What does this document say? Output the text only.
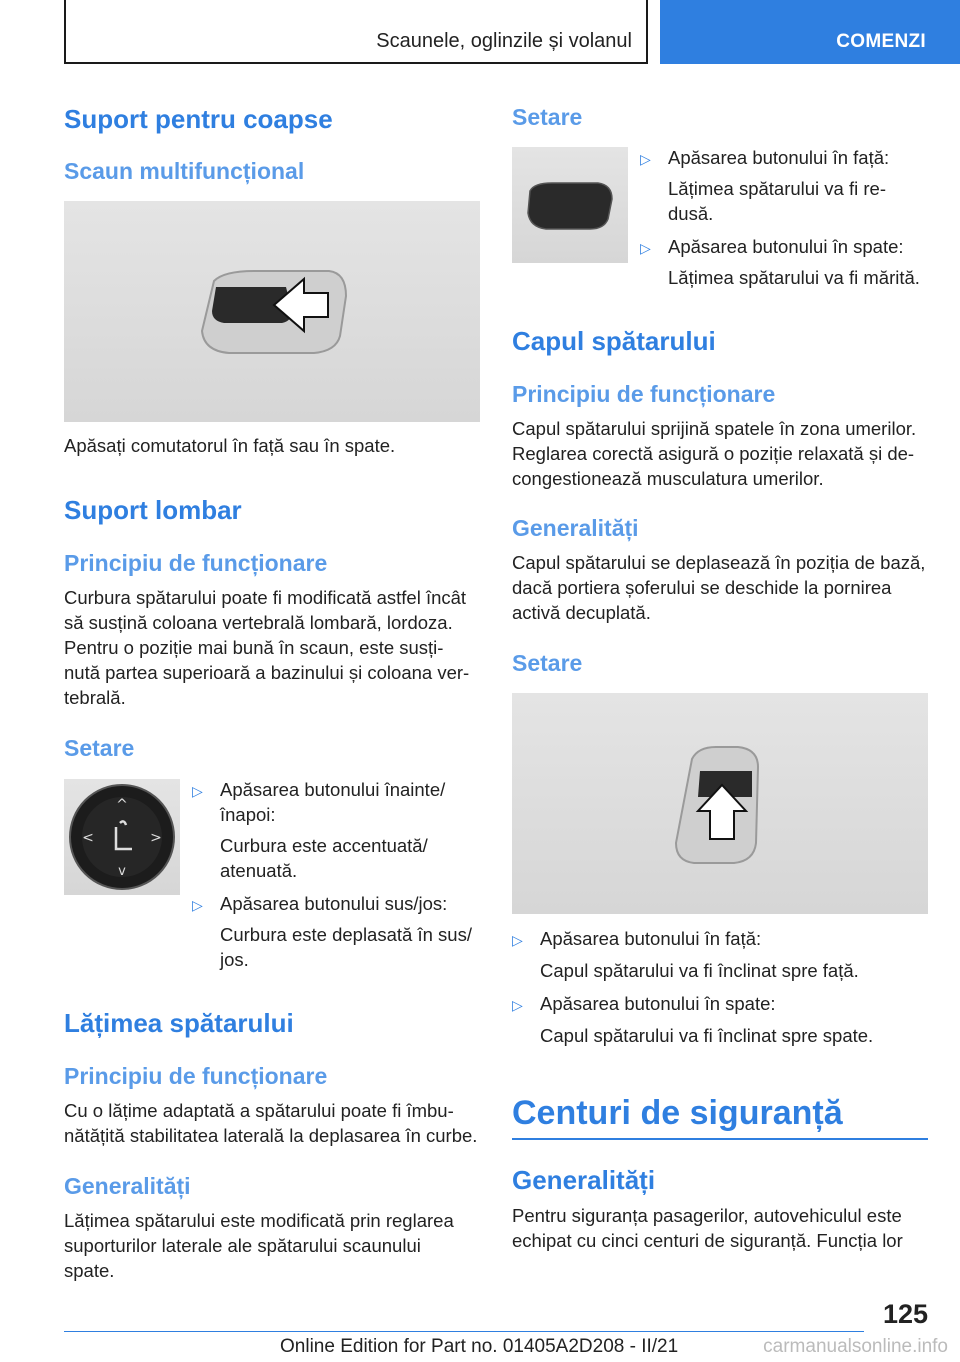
Scaunele, oglinzile și volanul	COMENZI
Suport pentru coapse
Scaun multifuncțional

Apăsați comutatorul în față sau în spate.

Suport lombar
Principiu de funcționare

Curbura spătarului poate fi modificată astfel încât

să susțină coloana vertebrală lombară, lordoza.

Pentru o poziție mai bună în scaun, este susți‐

nută partea superioară a bazinului și coloana ver‐

tebrală.

Setare
^
v
<	>
▷ Apăsarea butonului înainte/
înapoi:
Curbura este accentuată/
atenuată.
▷ Apăsarea butonului sus/jos:
Curbura este deplasată în sus/
jos.
Lățimea spătarului
Principiu de funcționare

Cu o lățime adaptată a spătarului poate fi îmbu‐

nătățită stabilitatea laterală la deplasarea în curbe.

Generalități

Lățimea spătarului este modificată prin reglarea

suporturilor laterale ale spătarului scaunului

spate.

Setare
▷ Apăsarea butonului în față:
Lățimea spătarului va fi re‐
dusă.
▷ Apăsarea butonului în spate:
Lățimea spătarului va fi mărită.
Capul spătarului
Principiu de funcționare

Capul spătarului sprijină spatele în zona umerilor.

Reglarea corectă asigură o poziție relaxată și de‐

congestionează musculatura umerilor.

Generalități

Capul spătarului se deplasează în poziția de bază,

dacă portiera șoferului se deschide la pornirea

activă decuplată.

Setare
▷ Apăsarea butonului în față:
Capul spătarului va fi înclinat spre față.
▷ Apăsarea butonului în spate:
Capul spătarului va fi înclinat spre spate.
Centuri de siguranță
Generalități

Pentru siguranța pasagerilor, autovehiculul este

echipat cu cinci centuri de siguranță. Funcția lor

125
Online Edition for Part no. 01405A2D208 - II/21	carmanualsonline.info
